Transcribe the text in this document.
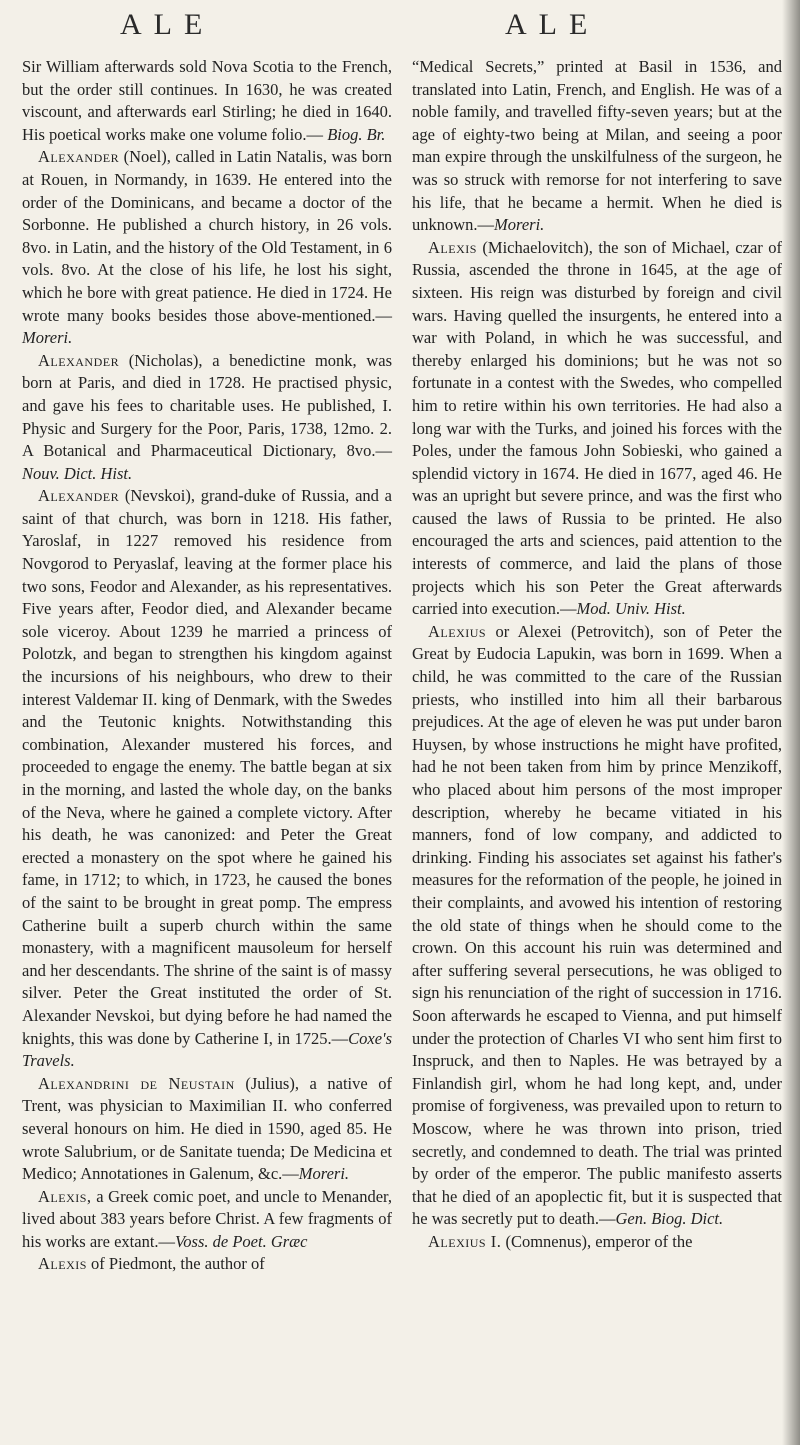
ALE	ALE

Sir William afterwards sold Nova Scotia to the French, but the order still continues. In 1630, he was created viscount, and afterwards earl Stirling; he died in 1640. His poetical works make one volume folio.— Biog. Br.

Alexander (Noel), called in Latin Natalis, was born at Rouen, in Normandy, in 1639. He entered into the order of the Dominicans, and became a doctor of the Sorbonne. He published a church history, in 26 vols. 8vo. in Latin, and the history of the Old Testament, in 6 vols. 8vo. At the close of his life, he lost his sight, which he bore with great patience. He died in 1724. He wrote many books besides those above-mentioned.—Moreri.

Alexander (Nicholas), a benedictine monk, was born at Paris, and died in 1728. He practised physic, and gave his fees to charitable uses. He published, I. Physic and Surgery for the Poor, Paris, 1738, 12mo. 2. A Botanical and Pharmaceutical Dictionary, 8vo.—Nouv. Dict. Hist.

Alexander (Nevskoi), grand-duke of Russia, and a saint of that church, was born in 1218. His father, Yaroslaf, in 1227 removed his residence from Novgorod to Peryaslaf, leaving at the former place his two sons, Feodor and Alexander, as his representatives. Five years after, Feodor died, and Alexander became sole viceroy. About 1239 he married a princess of Polotzk, and began to strengthen his kingdom against the incursions of his neighbours, who drew to their interest Valdemar II. king of Denmark, with the Swedes and the Teutonic knights. Notwithstanding this combination, Alexander mustered his forces, and proceeded to engage the enemy. The battle began at six in the morning, and lasted the whole day, on the banks of the Neva, where he gained a complete victory. After his death, he was canonized: and Peter the Great erected a monastery on the spot where he gained his fame, in 1712; to which, in 1723, he caused the bones of the saint to be brought in great pomp. The empress Catherine built a superb church within the same monastery, with a magnificent mausoleum for herself and her descendants. The shrine of the saint is of massy silver. Peter the Great instituted the order of St. Alexander Nevskoi, but dying before he had named the knights, this was done by Catherine I, in 1725.—Coxe's Travels.

Alexandrini de Neustain (Julius), a native of Trent, was physician to Maximilian II. who conferred several honours on him. He died in 1590, aged 85. He wrote Salubrium, or de Sanitate tuenda; De Medicina et Medico; Annotationes in Galenum, &c.—Moreri.

Alexis, a Greek comic poet, and uncle to Menander, lived about 383 years before Christ. A few fragments of his works are extant.—Voss. de Poet. Græc

Alexis of Piedmont, the author of

“Medical Secrets,” printed at Basil in 1536, and translated into Latin, French, and English. He was of a noble family, and travelled fifty-seven years; but at the age of eighty-two being at Milan, and seeing a poor man expire through the unskilfulness of the surgeon, he was so struck with remorse for not interfering to save his life, that he became a hermit. When he died is unknown.—Moreri.

Alexis (Michaelovitch), the son of Michael, czar of Russia, ascended the throne in 1645, at the age of sixteen. His reign was disturbed by foreign and civil wars. Having quelled the insurgents, he entered into a war with Poland, in which he was successful, and thereby enlarged his dominions; but he was not so fortunate in a contest with the Swedes, who compelled him to retire within his own territories. He had also a long war with the Turks, and joined his forces with the Poles, under the famous John Sobieski, who gained a splendid victory in 1674. He died in 1677, aged 46. He was an upright but severe prince, and was the first who caused the laws of Russia to be printed. He also encouraged the arts and sciences, paid attention to the interests of commerce, and laid the plans of those projects which his son Peter the Great afterwards carried into execution.—Mod. Univ. Hist.

Alexius or Alexei (Petrovitch), son of Peter the Great by Eudocia Lapukin, was born in 1699. When a child, he was committed to the care of the Russian priests, who instilled into him all their barbarous prejudices. At the age of eleven he was put under baron Huysen, by whose instructions he might have profited, had he not been taken from him by prince Menzikoff, who placed about him persons of the most improper description, whereby he became vitiated in his manners, fond of low company, and addicted to drinking. Finding his associates set against his father's measures for the reformation of the people, he joined in their complaints, and avowed his intention of restoring the old state of things when he should come to the crown. On this account his ruin was determined and after suffering several persecutions, he was obliged to sign his renunciation of the right of succession in 1716. Soon afterwards he escaped to Vienna, and put himself under the protection of Charles VI who sent him first to Inspruck, and then to Naples. He was betrayed by a Finlandish girl, whom he had long kept, and, under promise of forgiveness, was prevailed upon to return to Moscow, where he was thrown into prison, tried secretly, and condemned to death. The trial was printed by order of the emperor. The public manifesto asserts that he died of an apoplectic fit, but it is suspected that he was secretly put to death.—Gen. Biog. Dict.

Alexius I. (Comnenus), emperor of the
